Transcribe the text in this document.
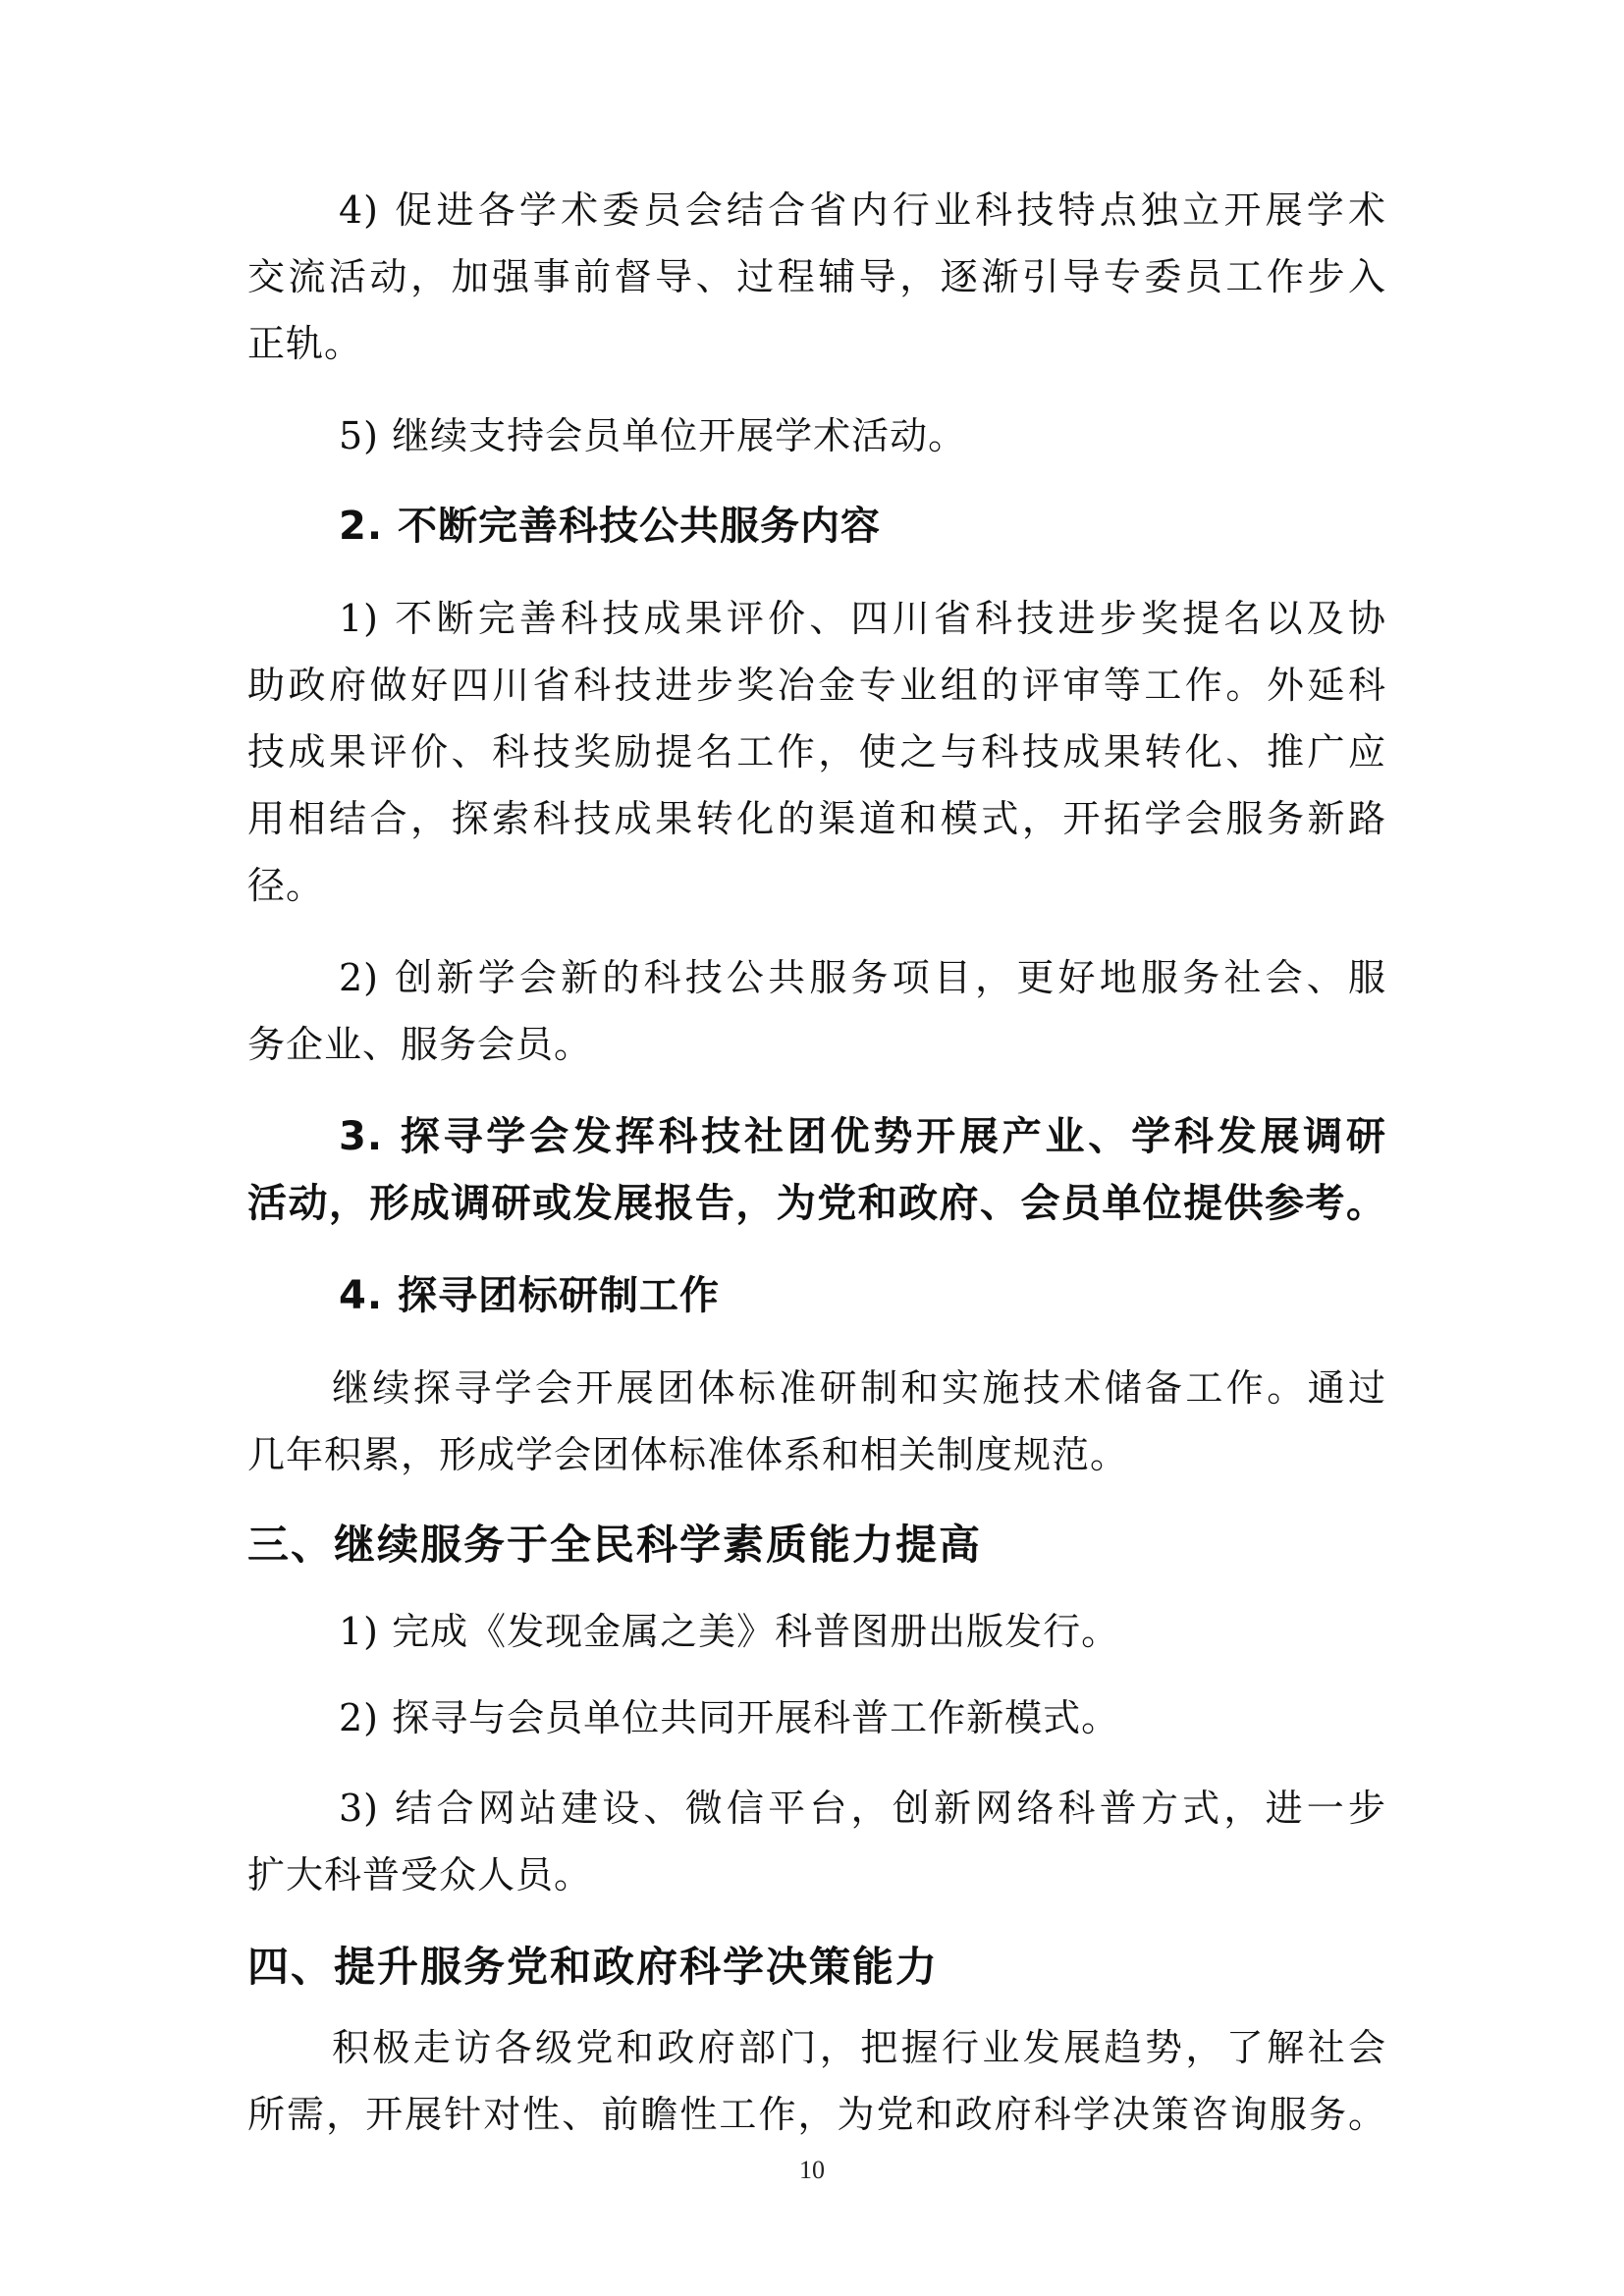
4) 促进各学术委员会结合省内行业科技特点独立开展学术
交流活动，加强事前督导、过程辅导，逐渐引导专委员工作步入
正轨。
5) 继续支持会员单位开展学术活动。
2. 不断完善科技公共服务内容
1) 不断完善科技成果评价、四川省科技进步奖提名以及协
助政府做好四川省科技进步奖冶金专业组的评审等工作。外延科
技成果评价、科技奖励提名工作，使之与科技成果转化、推广应
用相结合，探索科技成果转化的渠道和模式，开拓学会服务新路
径。
2) 创新学会新的科技公共服务项目，更好地服务社会、服
务企业、服务会员。
3. 探寻学会发挥科技社团优势开展产业、学科发展调研
活动，形成调研或发展报告，为党和政府、会员单位提供参考。
4. 探寻团标研制工作
继续探寻学会开展团体标准研制和实施技术储备工作。通过
几年积累，形成学会团体标准体系和相关制度规范。
三、继续服务于全民科学素质能力提高
1) 完成《发现金属之美》科普图册出版发行。
2) 探寻与会员单位共同开展科普工作新模式。
3) 结合网站建设、微信平台，创新网络科普方式，进一步
扩大科普受众人员。
四、提升服务党和政府科学决策能力
积极走访各级党和政府部门，把握行业发展趋势，了解社会
所需，开展针对性、前瞻性工作，为党和政府科学决策咨询服务。
10
